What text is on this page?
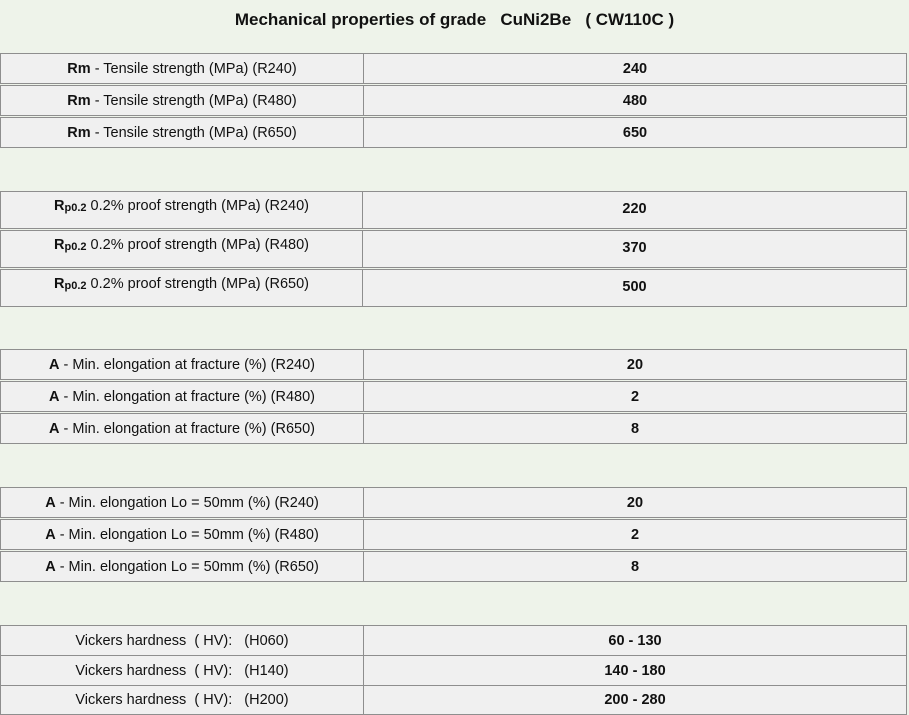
Mechanical properties of grade   CuNi2Be   ( CW110C )
Rm - Tensile strength (MPa) (R240)	240
Rm - Tensile strength (MPa) (R480)	480
Rm - Tensile strength (MPa) (R650)	650
R p0.2 0.2% proof strength (MPa) (R240)	220
R p0.2 0.2% proof strength (MPa) (R480)	370
R p0.2 0.2% proof strength (MPa) (R650)	500
A - Min. elongation at fracture (%) (R240)	20
A - Min. elongation at fracture (%) (R480)	2
A - Min. elongation at fracture (%) (R650)	8
A - Min. elongation Lo = 50mm (%) (R240)	20
A - Min. elongation Lo = 50mm (%) (R480)	2
A - Min. elongation Lo = 50mm (%) (R650)	8
Vickers hardness  ( HV):   (H060)	60 - 130
Vickers hardness  ( HV):   (H140)	140 - 180
Vickers hardness  ( HV):   (H200)	200 - 280
